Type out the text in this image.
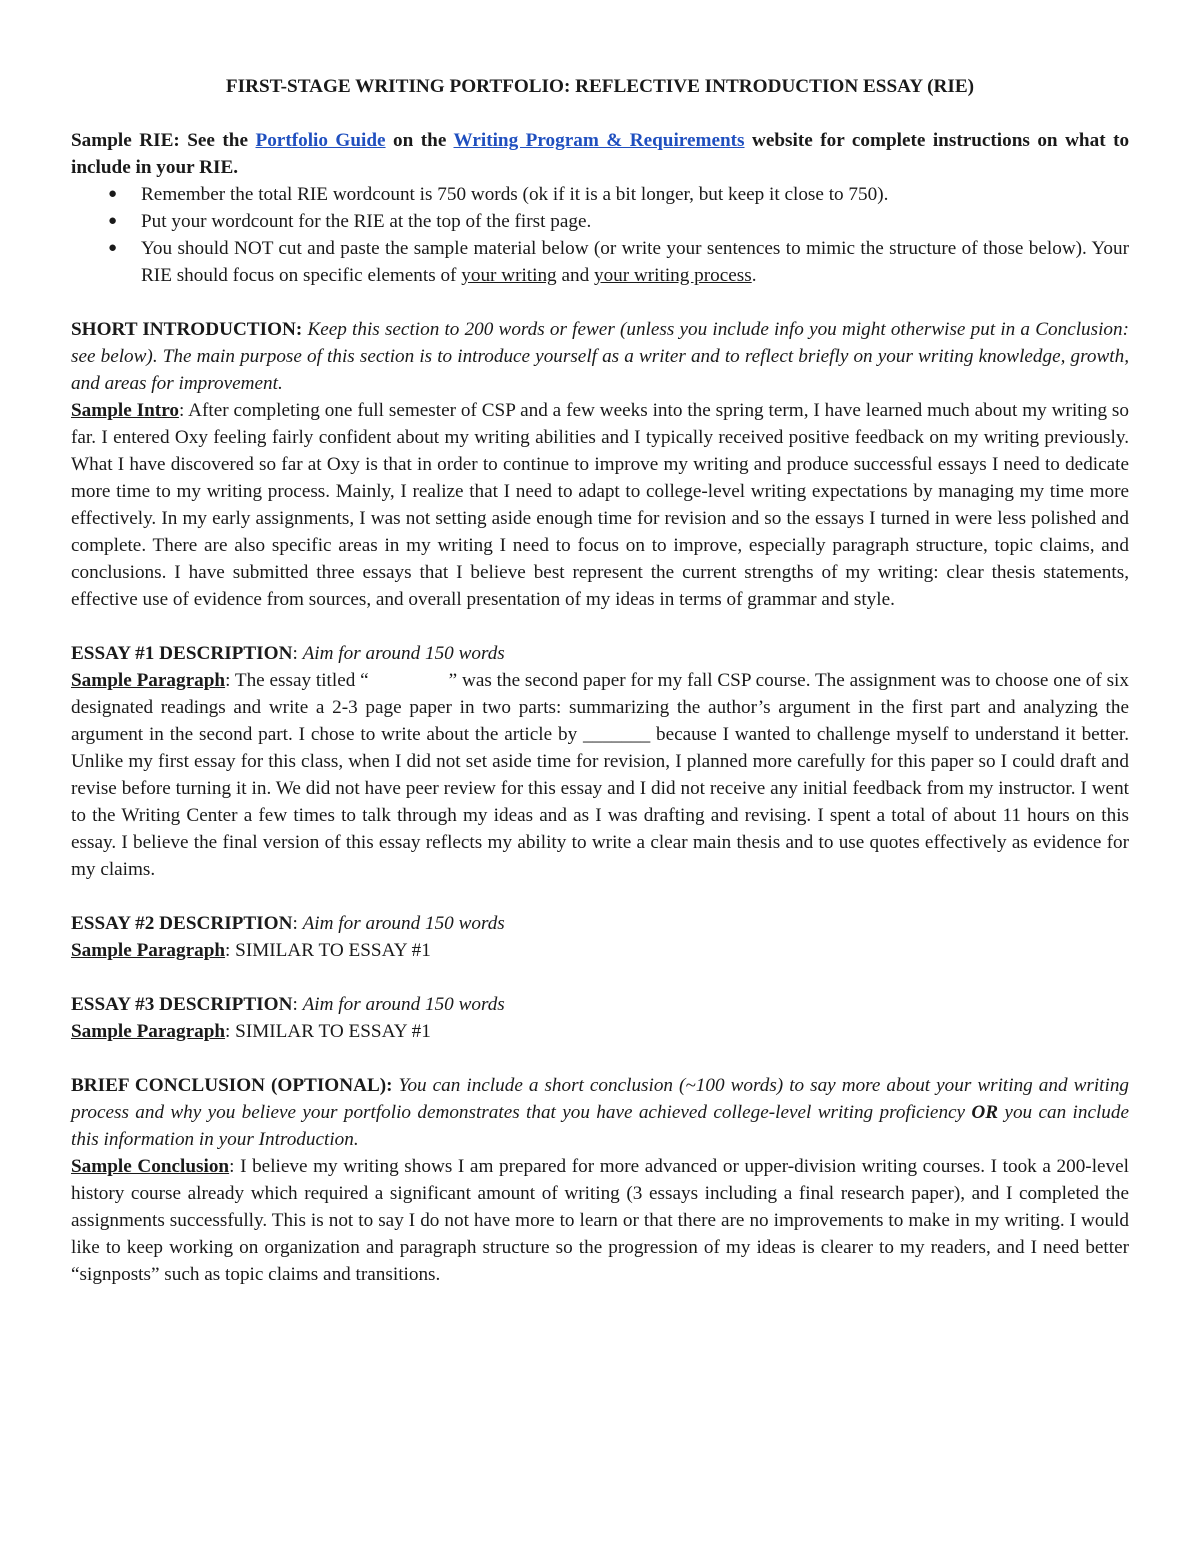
FIRST-STAGE WRITING PORTFOLIO: REFLECTIVE INTRODUCTION ESSAY (RIE)

Sample RIE: See the Portfolio Guide on the Writing Program & Requirements website for complete instructions on what to include in your RIE.

● Remember the total RIE wordcount is 750 words (ok if it is a bit longer, but keep it close to 750).
● Put your wordcount for the RIE at the top of the first page.
● You should NOT cut and paste the sample material below (or write your sentences to mimic the structure of those below). Your RIE should focus on specific elements of your writing and your writing process.

SHORT INTRODUCTION: Keep this section to 200 words or fewer (unless you include info you might otherwise put in a Conclusion: see below). The main purpose of this section is to introduce yourself as a writer and to reflect briefly on your writing knowledge, growth, and areas for improvement.

Sample Intro: After completing one full semester of CSP and a few weeks into the spring term, I have learned much about my writing so far. I entered Oxy feeling fairly confident about my writing abilities and I typically received positive feedback on my writing previously. What I have discovered so far at Oxy is that in order to continue to improve my writing and produce successful essays I need to dedicate more time to my writing process. Mainly, I realize that I need to adapt to college-level writing expectations by managing my time more effectively. In my early assignments, I was not setting aside enough time for revision and so the essays I turned in were less polished and complete. There are also specific areas in my writing I need to focus on to improve, especially paragraph structure, topic claims, and conclusions. I have submitted three essays that I believe best represent the current strengths of my writing: clear thesis statements, effective use of evidence from sources, and overall presentation of my ideas in terms of grammar and style.

ESSAY #1 DESCRIPTION: Aim for around 150 words

Sample Paragraph: The essay titled “	” was the second paper for my fall CSP course. The assignment was to choose one of six designated readings and write a 2-3 page paper in two parts: summarizing the author’s argument in the first part and analyzing the argument in the second part. I chose to write about the article by _______ because I wanted to challenge myself to understand it better. Unlike my first essay for this class, when I did not set aside time for revision, I planned more carefully for this paper so I could draft and revise before turning it in. We did not have peer review for this essay and I did not receive any initial feedback from my instructor. I went to the Writing Center a few times to talk through my ideas and as I was drafting and revising. I spent a total of about 11 hours on this essay. I believe the final version of this essay reflects my ability to write a clear main thesis and to use quotes effectively as evidence for my claims.

ESSAY #2 DESCRIPTION: Aim for around 150 words

Sample Paragraph: SIMILAR TO ESSAY #1

ESSAY #3 DESCRIPTION: Aim for around 150 words

Sample Paragraph: SIMILAR TO ESSAY #1

BRIEF CONCLUSION (OPTIONAL): You can include a short conclusion (~100 words) to say more about your writing and writing process and why you believe your portfolio demonstrates that you have achieved college-level writing proficiency OR you can include this information in your Introduction.

Sample Conclusion: I believe my writing shows I am prepared for more advanced or upper-division writing courses. I took a 200-level history course already which required a significant amount of writing (3 essays including a final research paper), and I completed the assignments successfully. This is not to say I do not have more to learn or that there are no improvements to make in my writing. I would like to keep working on organization and paragraph structure so the progression of my ideas is clearer to my readers, and I need better “signposts” such as topic claims and transitions.
